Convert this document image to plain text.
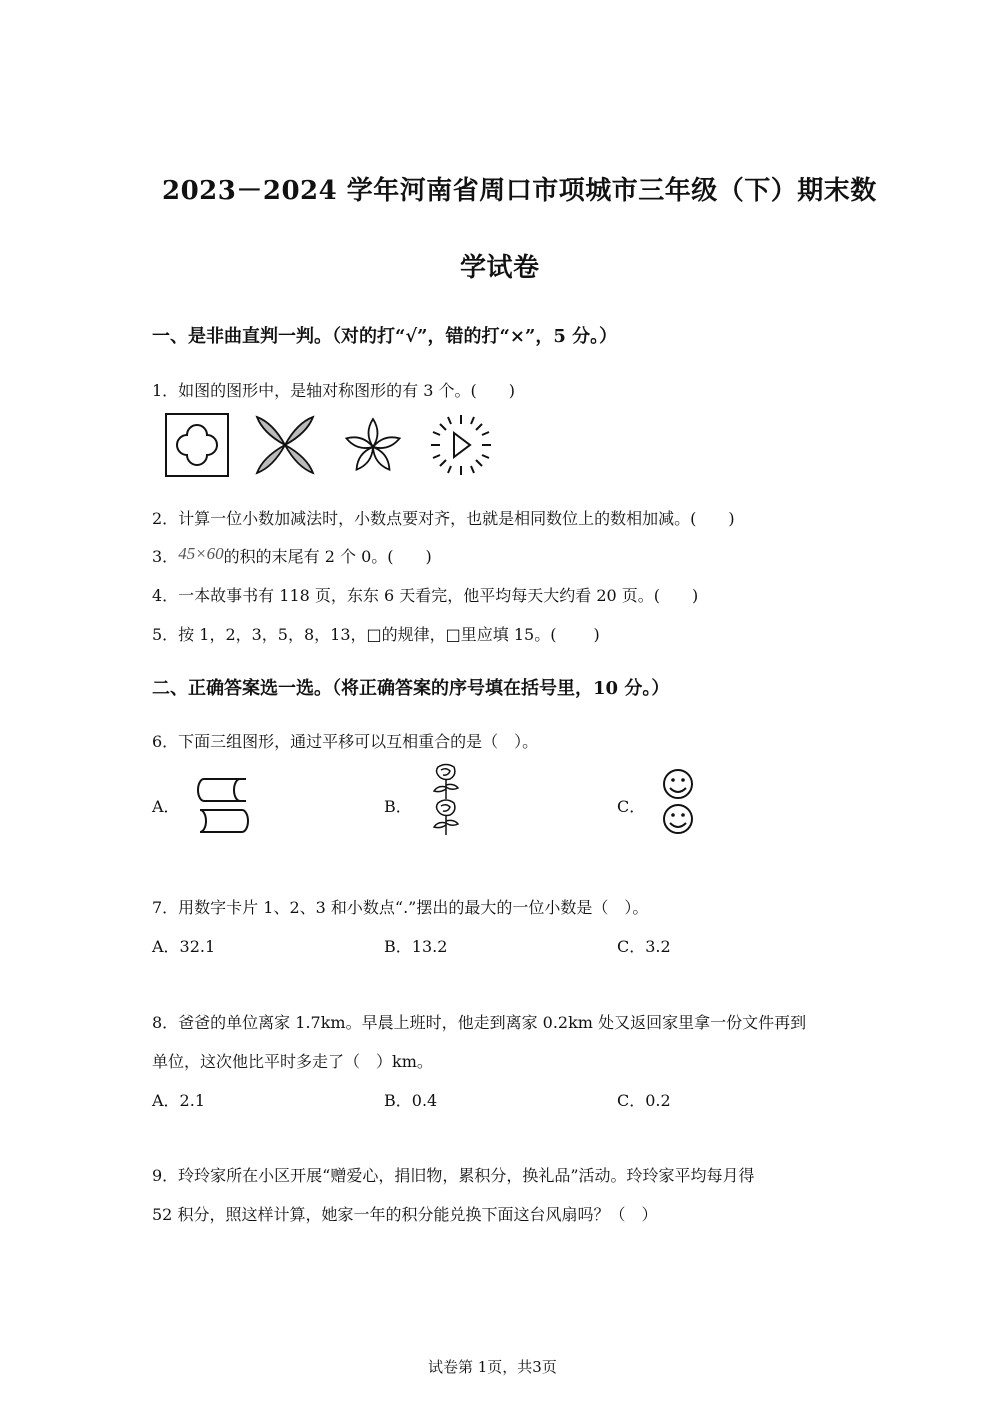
2023－2024 学年河南省周口市项城市三年级（下）期末数
学试卷
一、是非曲直判一判。（对的打“√”，错的打“×”，5 分。）
1．如图的图形中，是轴对称图形的有 3 个。(　　)
2．计算一位小数加减法时，小数点要对齐，也就是相同数位上的数相加减。(　　)
3．45×60的积的末尾有 2 个 0。(　　)
4．一本故事书有 118 页，东东 6 天看完，他平均每天大约看 20 页。(　　)
5．按 1，2，3，5，8，13，□的规律，□里应填 15。(　　 )
二、正确答案选一选。（将正确答案的序号填在括号里，10 分。）
6．下面三组图形，通过平移可以互相重合的是（　）。
A．	B．	C．
7．用数字卡片 1、2、3 和小数点“.”摆出的最大的一位小数是（　）。
A．32.1	B．13.2	C．3.2
8．爸爸的单位离家 1.7km。早晨上班时，他走到离家 0.2km 处又返回家里拿一份文件再到
单位，这次他比平时多走了（　）km。
A．2.1	B．0.4	C．0.2
9．玲玲家所在小区开展“赠爱心，捐旧物，累积分，换礼品”活动。玲玲家平均每月得
52 积分，照这样计算，她家一年的积分能兑换下面这台风扇吗？（　）
试卷第 1页，共3页
